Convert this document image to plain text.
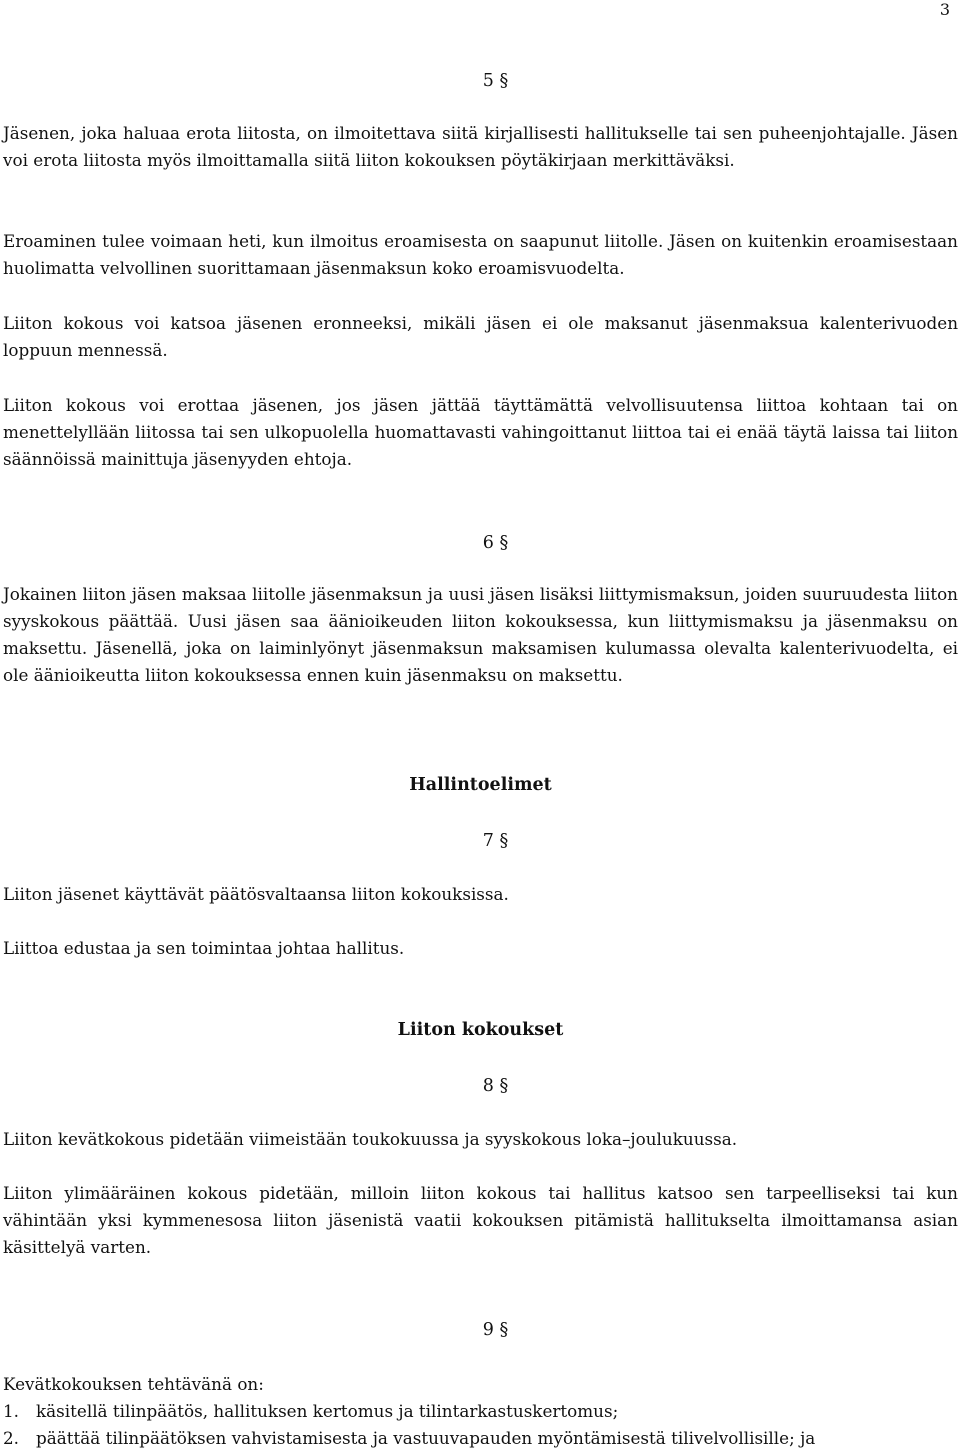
3
5 §

Jäsenen, joka haluaa erota liitosta, on ilmoitettava siitä kirjallisesti hallitukselle tai sen puheenjohtajalle. Jäsen voi erota liitosta myös ilmoittamalla siitä liiton kokouksen pöytäkirjaan merkittäväksi.

Eroaminen tulee voimaan heti, kun ilmoitus eroamisesta on saapunut liitolle. Jäsen on kuitenkin eroamisestaan huolimatta velvollinen suorittamaan jäsenmaksun koko eroamisvuodelta.

Liiton kokous voi katsoa jäsenen eronneeksi, mikäli jäsen ei ole maksanut jäsenmaksua kalenterivuoden loppuun mennessä.

Liiton kokous voi erottaa jäsenen, jos jäsen jättää täyttämättä velvollisuutensa liittoa kohtaan tai on menettelyllään liitossa tai sen ulkopuolella huomattavasti vahingoittanut liittoa tai ei enää täytä laissa tai liiton säännöissä mainittuja jäsenyyden ehtoja.

6 §

Jokainen liiton jäsen maksaa liitolle jäsenmaksun ja uusi jäsen lisäksi liittymismaksun, joiden suuruudesta liiton syyskokous päättää. Uusi jäsen saa äänioikeuden liiton kokouksessa, kun liittymismaksu ja jäsenmaksu on maksettu. Jäsenellä, joka on laiminlyönyt jäsenmaksun maksamisen kulumassa olevalta kalenterivuodelta, ei ole äänioikeutta liiton kokouksessa ennen kuin jäsenmaksu on maksettu.

Hallintoelimet
7 §

Liiton jäsenet käyttävät päätösvaltaansa liiton kokouksissa.

Liittoa edustaa ja sen toimintaa johtaa hallitus.

Liiton kokoukset
8 §

Liiton kevätkokous pidetään viimeistään toukokuussa ja syyskokous loka–joulukuussa.

Liiton ylimääräinen kokous pidetään, milloin liiton kokous tai hallitus katsoo sen tarpeelliseksi tai kun vähintään yksi kymmenesosa liiton jäsenistä vaatii kokouksen pitämistä hallitukselta ilmoittamansa asian käsittelyä varten.

9 §

Kevätkokouksen tehtävänä on:

1. käsitellä tilinpäätös, hallituksen kertomus ja tilintarkastuskertomus;
2. päättää tilinpäätöksen vahvistamisesta ja vastuuvapauden myöntämisestä tilivelvollisille; ja
